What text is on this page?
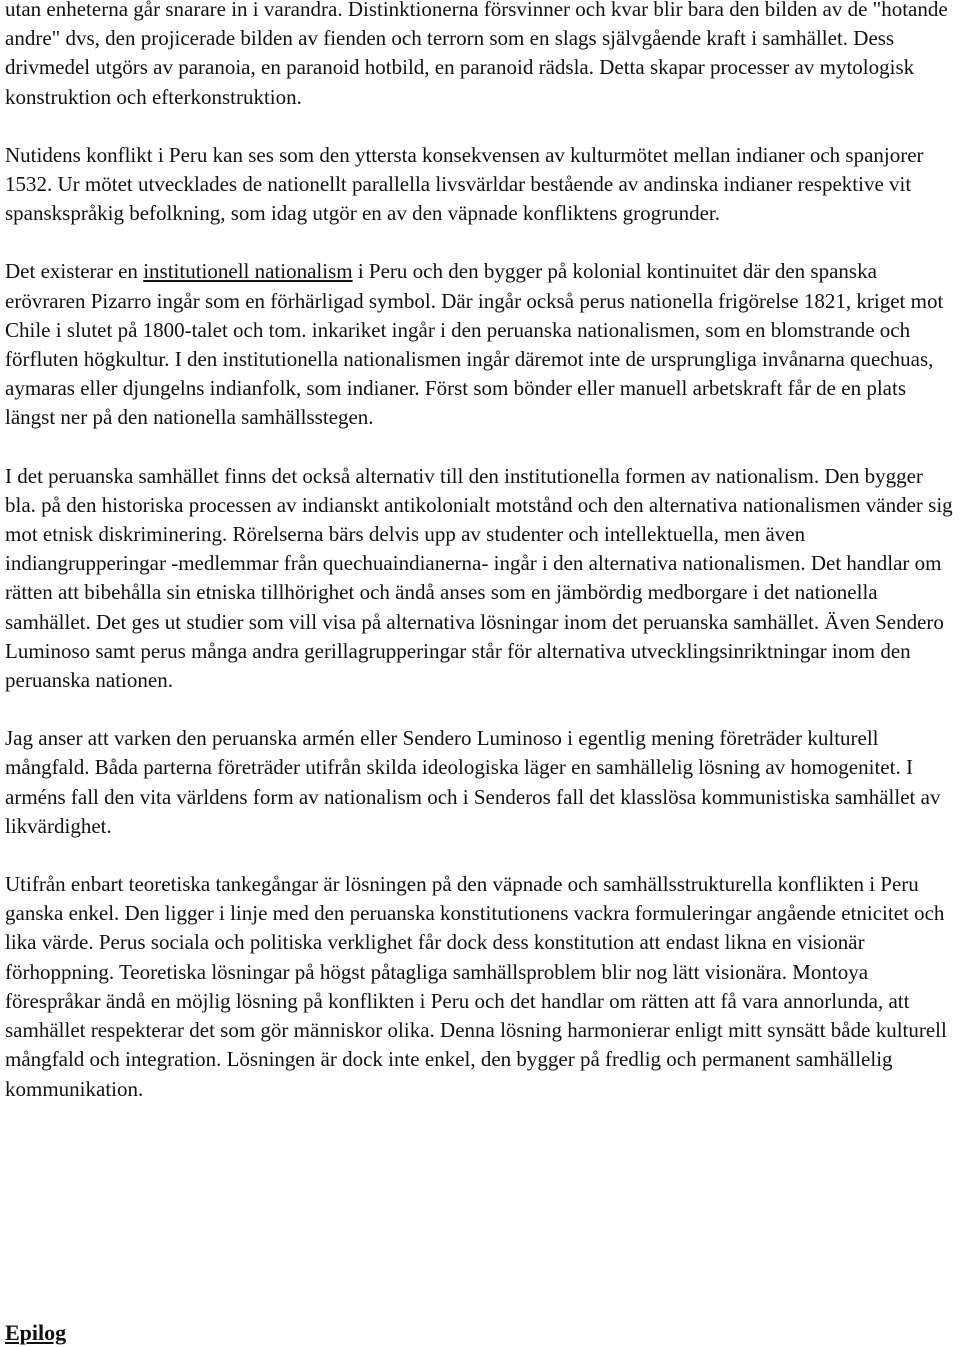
utan enheterna går snarare in i varandra. Distinktionerna försvinner och kvar blir bara den bilden av de "hotande andre" dvs, den projicerade bilden av fienden och terrorn som en slags självgående kraft i samhället. Dess drivmedel utgörs av paranoia, en paranoid hotbild, en paranoid rädsla. Detta skapar processer av mytologisk konstruktion och efterkonstruktion.

Nutidens konflikt i Peru kan ses som den yttersta konsekvensen av kulturmötet mellan indianer och spanjorer 1532. Ur mötet utvecklades de nationellt parallella livsvärldar bestående av andinska indianer respektive vit spanskspråkig befolkning, som idag utgör en av den väpnade konfliktens grogrunder.

Det existerar en institutionell nationalism i Peru och den bygger på kolonial kontinuitet där den spanska erövraren Pizarro ingår som en förhärligad symbol. Där ingår också perus nationella frigörelse 1821, kriget mot Chile i slutet på 1800-talet och tom. inkariket ingår i den peruanska nationalismen, som en blomstrande och förfluten högkultur. I den institutionella nationalismen ingår däremot inte de ursprungliga invånarna quechuas, aymaras eller djungelns indianfolk, som indianer. Först som bönder eller manuell arbetskraft får de en plats längst ner på den nationella samhällsstegen.

I det peruanska samhället finns det också alternativ till den institutionella formen av nationalism. Den bygger bla. på den historiska processen av indianskt antikolonialt motstånd och den alternativa nationalismen vänder sig mot etnisk diskriminering. Rörelserna bärs delvis upp av studenter och intellektuella, men även indiangrupperingar -medlemmar från quechuaindianerna- ingår i den alternativa nationalismen. Det handlar om rätten att bibehålla sin etniska tillhörighet och ändå anses som en jämbördig medborgare i det nationella samhället. Det ges ut studier som vill visa på alternativa lösningar inom det peruanska samhället. Även Sendero Luminoso samt perus många andra gerillagrupperingar står för alternativa utvecklingsinriktningar inom den peruanska nationen.

Jag anser att varken den peruanska armén eller Sendero Luminoso i egentlig mening företräder kulturell mångfald. Båda parterna företräder utifrån skilda ideologiska läger en samhällelig lösning av homogenitet. I arméns fall den vita världens form av nationalism och i Senderos fall det klasslösa kommunistiska samhället av likvärdighet.

Utifrån enbart teoretiska tankegångar är lösningen på den väpnade och samhällsstrukturella konflikten i Peru ganska enkel. Den ligger i linje med den peruanska konstitutionens vackra formuleringar angående etnicitet och lika värde. Perus sociala och politiska verklighet får dock dess konstitution att endast likna en visionär förhoppning. Teoretiska lösningar på högst påtagliga samhällsproblem blir nog lätt visionära. Montoya förespråkar ändå en möjlig lösning på konflikten i Peru och det handlar om rätten att få vara annorlunda, att samhället respekterar det som gör människor olika. Denna lösning harmonierar enligt mitt synsätt både kulturell mångfald och integration. Lösningen är dock inte enkel, den bygger på fredlig och permanent samhällelig kommunikation.

Epilog
